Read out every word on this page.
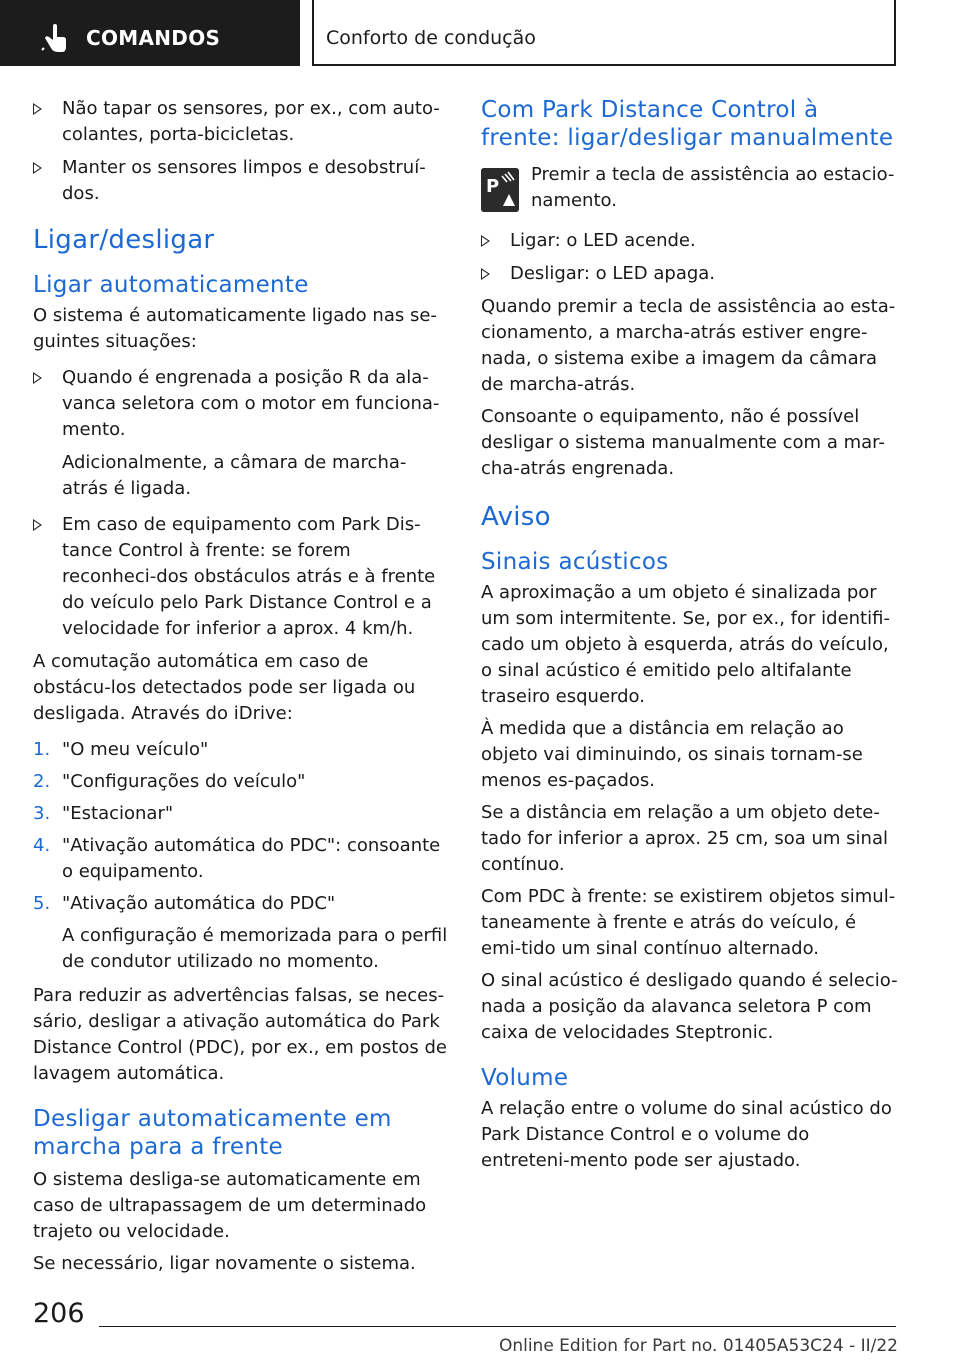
COMANDOS	Conforto de condução
Não tapar os sensores, por ex., com auto-colantes, porta-bicicletas.
Manter os sensores limpos e desobstruí-dos.
Ligar/desligar
Ligar automaticamente

O sistema é automaticamente ligado nas se-guintes situações:

Quando é engrenada a posição R da ala-vanca seletora com o motor em funciona-mento.

Adicionalmente, a câmara de marcha-atrás é ligada.

Em caso de equipamento com Park Dis-tance Control à frente: se forem reconheci-dos obstáculos atrás e à frente do veículo pelo Park Distance Control e a velocidade for inferior a aprox. 4 km/h.

A comutação automática em caso de obstácu-los detectados pode ser ligada ou desligada. Através do iDrive:

1. "O meu veículo"
2. "Configurações do veículo"
3. "Estacionar"
4. "Ativação automática do PDC": consoante o equipamento.
5. "Ativação automática do PDC"

A configuração é memorizada para o perfil de condutor utilizado no momento.

Para reduzir as advertências falsas, se neces-sário, desligar a ativação automática do Park Distance Control (PDC), por ex., em postos de lavagem automática.

Desligar automaticamente em marcha para a frente

O sistema desliga-se automaticamente em caso de ultrapassagem de um determinado trajeto ou velocidade.

Se necessário, ligar novamente o sistema.

Com Park Distance Control à frente: ligar/desligar manualmente
P

Premir a tecla de assistência ao estacio-namento.

Ligar: o LED acende.
Desligar: o LED apaga.

Quando premir a tecla de assistência ao esta-cionamento, a marcha-atrás estiver engre-nada, o sistema exibe a imagem da câmara de marcha-atrás.

Consoante o equipamento, não é possível desligar o sistema manualmente com a mar-cha-atrás engrenada.

Aviso
Sinais acústicos

A aproximação a um objeto é sinalizada por um som intermitente. Se, por ex., for identifi-cado um objeto à esquerda, atrás do veículo, o sinal acústico é emitido pelo altifalante traseiro esquerdo.

À medida que a distância em relação ao objeto vai diminuindo, os sinais tornam-se menos es-paçados.

Se a distância em relação a um objeto dete-tado for inferior a aprox. 25 cm, soa um sinal contínuo.

Com PDC à frente: se existirem objetos simul-taneamente à frente e atrás do veículo, é emi-tido um sinal contínuo alternado.

O sinal acústico é desligado quando é selecio-nada a posição da alavanca seletora P com caixa de velocidades Steptronic.

Volume

A relação entre o volume do sinal acústico do Park Distance Control e o volume do entreteni-mento pode ser ajustado.

206
Online Edition for Part no. 01405A53C24 - II/22
